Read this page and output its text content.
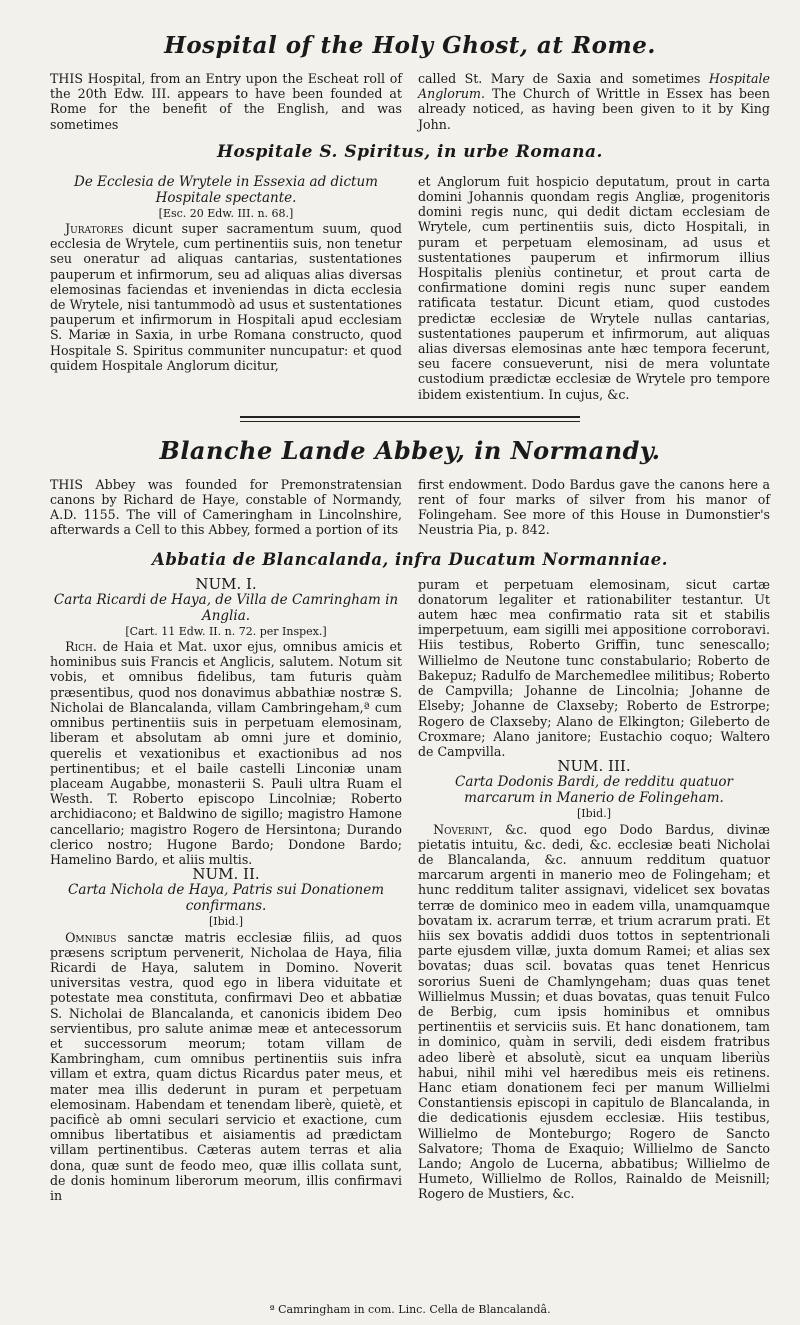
Hospital of the Holy Ghost, at Rome.

THIS Hospital, from an Entry upon the Escheat roll of the 20th Edw. III. appears to have been founded at Rome for the benefit of the English, and was sometimes

called St. Mary de Saxia and sometimes Hospitale Anglorum. The Church of Writtle in Essex has been already noticed, as having been given to it by King John.

Hospitale S. Spiritus, in urbe Romana.

De Ecclesia de Wrytele in Essexia ad dictum Hospitale spectante.

[Esc. 20 Edw. III. n. 68.]

Juratores dicunt super sacramentum suum, quod ecclesia de Wrytele, cum pertinentiis suis, non tenetur seu oneratur ad aliquas cantarias, sustentationes pauperum et infirmorum, seu ad aliquas alias diversas elemosinas faciendas et inveniendas in dicta ecclesia de Wrytele, nisi tantummodò ad usus et sustentationes pauperum et infirmorum in Hospitali apud ecclesiam S. Mariæ in Saxia, in urbe Romana constructo, quod Hospitale S. Spiritus communiter nuncupatur: et quod quidem Hospitale Anglorum dicitur,

et Anglorum fuit hospicio deputatum, prout in carta domini Johannis quondam regis Angliæ, progenitoris domini regis nunc, qui dedit dictam ecclesiam de Wrytele, cum pertinentiis suis, dicto Hospitali, in puram et perpetuam elemosinam, ad usus et sustentationes pauperum et infirmorum illius Hospitalis pleniùs continetur, et prout carta de confirmatione domini regis nunc super eandem ratificata testatur. Dicunt etiam, quod custodes predictæ ecclesiæ de Wrytele nullas cantarias, sustentationes pauperum et infirmorum, aut aliquas alias diversas elemosinas ante hæc tempora fecerunt, seu facere consueverunt, nisi de mera voluntate custodium prædictæ ecclesiæ de Wrytele pro tempore ibidem existentium. In cujus, &c.

Blanche Lande Abbey, in Normandy.

THIS Abbey was founded for Premonstratensian canons by Richard de Haye, constable of Normandy, A.D. 1155. The vill of Cameringham in Lincolnshire, afterwards a Cell to this Abbey, formed a portion of its

first endowment. Dodo Bardus gave the canons here a rent of four marks of silver from his manor of Folingeham. See more of this House in Dumonstier's Neustria Pia, p. 842.

Abbatia de Blancalanda, infra Ducatum Normanniae.

NUM. I.

Carta Ricardi de Haya, de Villa de Camringham in Anglia.

[Cart. 11 Edw. II. n. 72. per Inspex.]

Rich. de Haia et Mat. uxor ejus, omnibus amicis et hominibus suis Francis et Anglicis, salutem. Notum sit vobis, et omnibus fidelibus, tam futuris quàm præsentibus, quod nos donavimus abbathiæ nostræ S. Nicholai de Blancalanda, villam Cambringeham,ª cum omnibus pertinentiis suis in perpetuam elemosinam, liberam et absolutam ab omni jure et dominio, querelis et vexationibus et exactionibus ad nos pertinentibus; et el baile castelli Linconiæ unam placeam Augabbe, monasterii S. Pauli ultra Ruam el Westh. T. Roberto episcopo Lincolniæ; Roberto archidiacono; et Baldwino de sigillo; magistro Hamone cancellario; magistro Rogero de Hersintona; Durando clerico nostro; Hugone Bardo; Dondone Bardo; Hamelino Bardo, et aliis multis.

NUM. II.

Carta Nichola de Haya, Patris sui Donationem confirmans.

[Ibid.]

Omnibus sanctæ matris ecclesiæ filiis, ad quos præsens scriptum pervenerit, Nicholaa de Haya, filia Ricardi de Haya, salutem in Domino. Noverit universitas vestra, quod ego in libera viduitate et potestate mea constituta, confirmavi Deo et abbatiæ S. Nicholai de Blancalanda, et canonicis ibidem Deo servientibus, pro salute animæ meæ et antecessorum et successorum meorum; totam villam de Kambringham, cum omnibus pertinentiis suis infra villam et extra, quam dictus Ricardus pater meus, et mater mea illis dederunt in puram et perpetuam elemosinam. Habendam et tenendam liberè, quietè, et pacificè ab omni seculari servicio et exactione, cum omnibus libertatibus et aisiamentis ad prædictam villam pertinentibus. Cæteras autem terras et alia dona, quæ sunt de feodo meo, quæ illis collata sunt, de donis hominum liberorum meorum, illis confirmavi in

puram et perpetuam elemosinam, sicut cartæ donatorum legaliter et rationabiliter testantur. Ut autem hæc mea confirmatio rata sit et stabilis imperpetuum, eam sigilli mei appositione corroboravi. Hiis testibus, Roberto Griffin, tunc senescallo; Willielmo de Neutone tunc constabulario; Roberto de Bakepuz; Radulfo de Marchemedlee militibus; Roberto de Campvilla; Johanne de Lincolnia; Johanne de Elseby; Johanne de Claxseby; Roberto de Estrorpe; Rogero de Claxseby; Alano de Elkington; Gileberto de Croxmare; Alano janitore; Eustachio coquo; Waltero de Campvilla.

NUM. III.

Carta Dodonis Bardi, de redditu quatuor marcarum in Manerio de Folingeham.

[Ibid.]

Noverint, &c. quod ego Dodo Bardus, divinæ pietatis intuitu, &c. dedi, &c. ecclesiæ beati Nicholai de Blancalanda, &c. annuum redditum quatuor marcarum argenti in manerio meo de Folingeham; et hunc redditum taliter assignavi, videlicet sex bovatas terræ de dominico meo in eadem villa, unamquamque bovatam ix. acrarum terræ, et trium acrarum prati. Et hiis sex bovatis addidi duos tottos in septentrionali parte ejusdem villæ, juxta domum Ramei; et alias sex bovatas; duas scil. bovatas quas tenet Henricus sororius Sueni de Chamlyngeham; duas quas tenet Willielmus Mussin; et duas bovatas, quas tenuit Fulco de Berbig, cum ipsis hominibus et omnibus pertinentiis et serviciis suis. Et hanc donationem, tam in dominico, quàm in servili, dedi eisdem fratribus adeo liberè et absolutè, sicut ea unquam liberiùs habui, nihil mihi vel hæredibus meis eis retinens. Hanc etiam donationem feci per manum Willielmi Constantiensis episcopi in capitulo de Blancalanda, in die dedicationis ejusdem ecclesiæ. Hiis testibus, Willielmo de Monteburgo; Rogero de Sancto Salvatore; Thoma de Exaquio; Willielmo de Sancto Lando; Angolo de Lucerna, abbatibus; Willielmo de Humeto, Willielmo de Rollos, Rainaldo de Meisnill; Rogero de Mustiers, &c.

ª Camringham in com. Linc. Cella de Blancalandâ.
